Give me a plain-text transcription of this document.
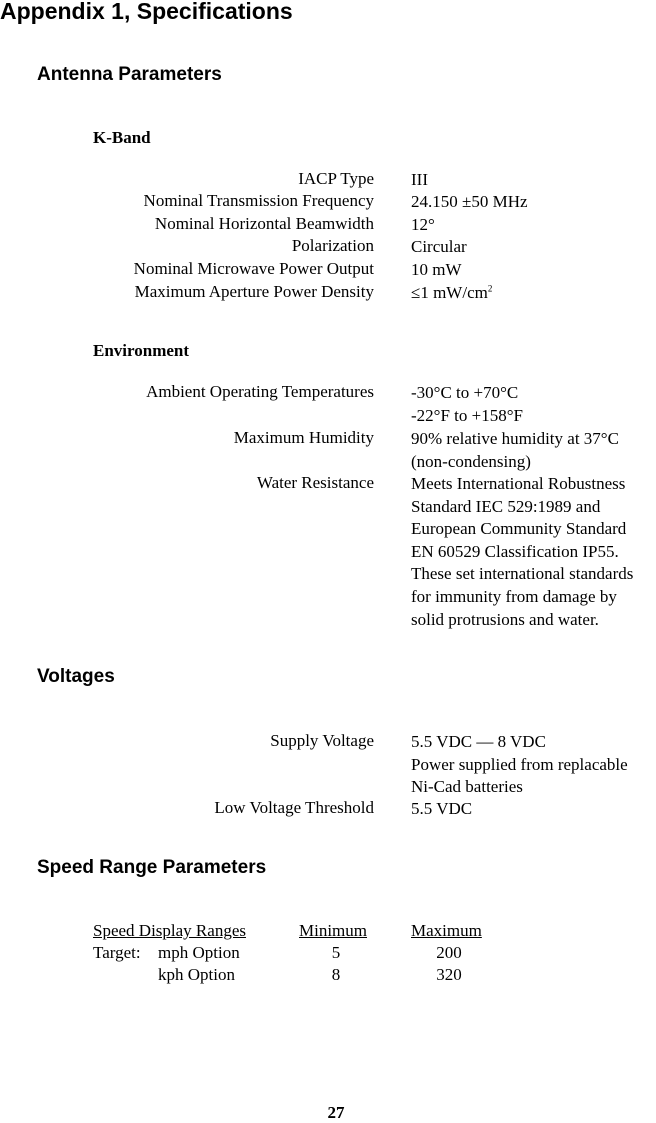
Appendix 1, Specifications
Antenna Parameters
K-Band
IACP Type III
Nominal Transmission Frequency 24.150 ±50 MHz
Nominal Horizontal Beamwidth 12°
Polarization Circular
Nominal Microwave Power Output 10 mW
Maximum Aperture Power Density ≤1 $mW/cm^2$
Environment
Ambient Operating Temperatures -30°C to +70°C
-22°F to +158°F
Maximum Humidity 90% relative humidity at 37°C
(non-condensing)
Water Resistance Meets International Robustness
Standard IEC 529:1989 and
European Community Standard
EN 60529 Classification IP55.
These set international standards
for immunity from damage by
solid protrusions and water.
Voltages
Supply Voltage 5.5 VDC — 8 VDC
Power supplied from replacable
Ni-Cad batteries
Low Voltage Threshold 5.5 VDC
Speed Range Parameters
Speed Display Ranges	Minimum	Maximum
Target: mph Option	5	200
kph Option	8	320
27
